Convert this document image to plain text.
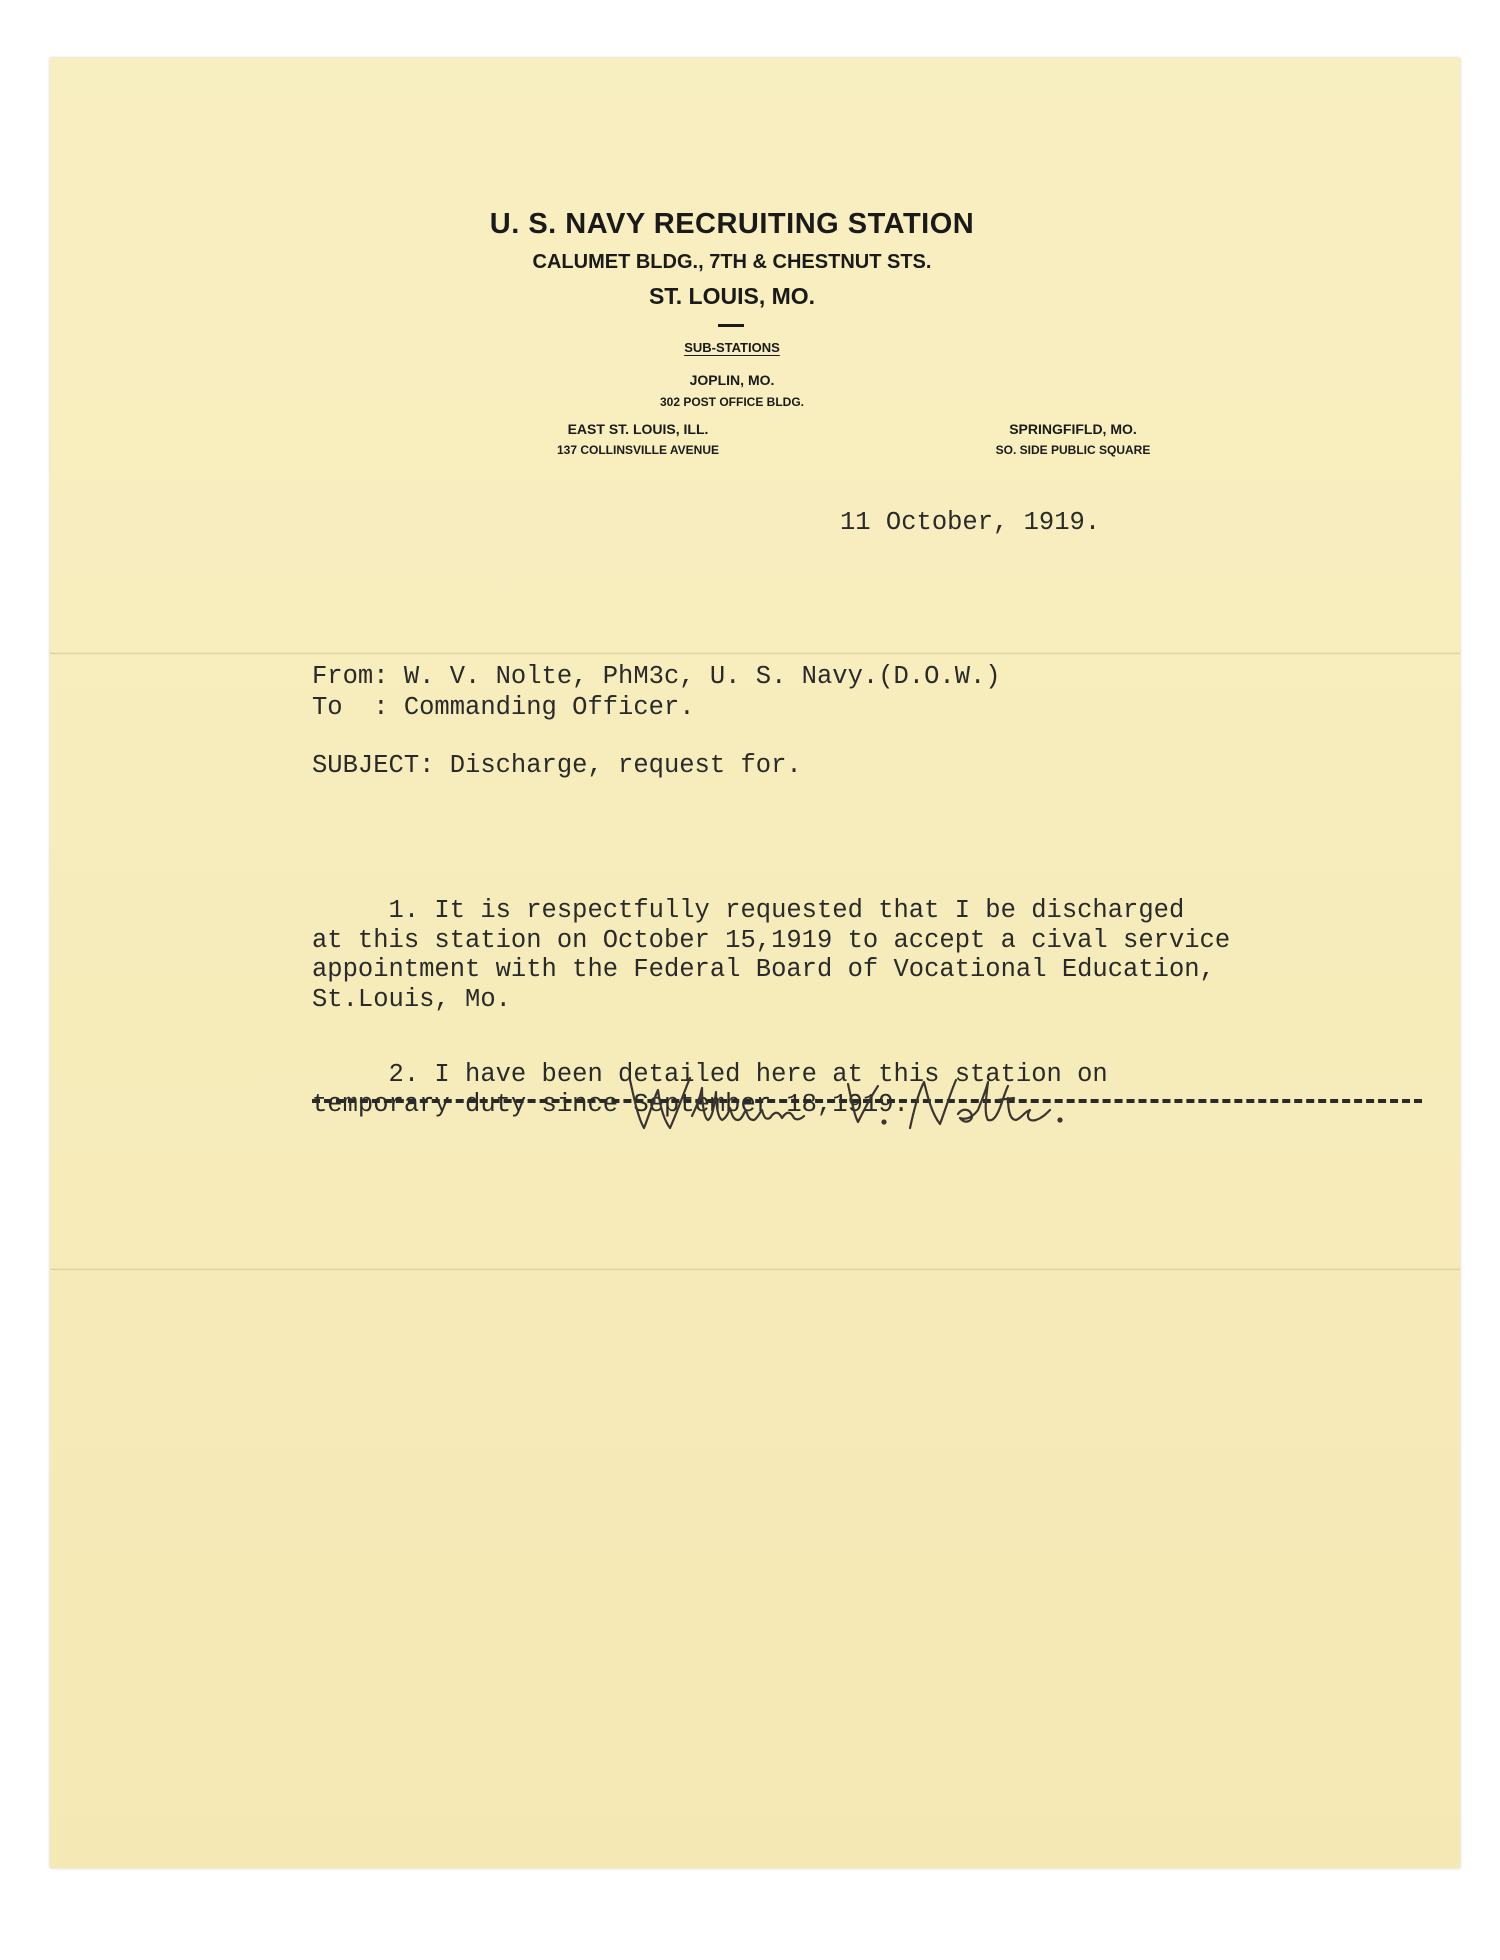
U. S. NAVY RECRUITING STATION
CALUMET BLDG., 7TH & CHESTNUT STS.
ST. LOUIS, MO.
SUB-STATIONS
JOPLIN, MO.
302 POST OFFICE BLDG.
EAST ST. LOUIS, ILL.
137 COLLINSVILLE AVENUE
SPRINGFIFLD, MO.
SO. SIDE PUBLIC SQUARE
11 October, 1919.
From: W. V. Nolte, PhM3c, U. S. Navy.(D.O.W.)
To  : Commanding Officer.
SUBJECT: Discharge, request for.

1. It is respectfully requested that I be discharged

at this station on October 15,1919 to accept a cival service

appointment with the Federal Board of Vocational Education,

St.Louis, Mo.

2. I have been detailed here at this station on

temporary duty since September 18,1919.
